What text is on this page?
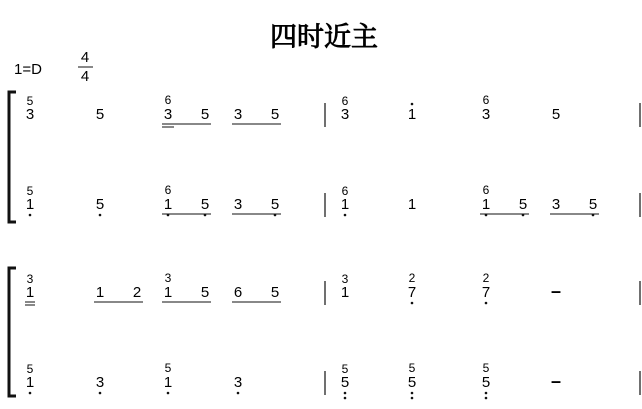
四时近主
1=D
4
4
5
3	5	3
6
5 3 5
6
3	1	3
6
5
5
1	5	1
6
5 3 5
6
1	1	1
6
5 3 5
3
1	1 2 1
3
5 6 5
3
1	7
2
7
2
–
5
1	3	1
5
3
5
5	5
5
5
5
–
